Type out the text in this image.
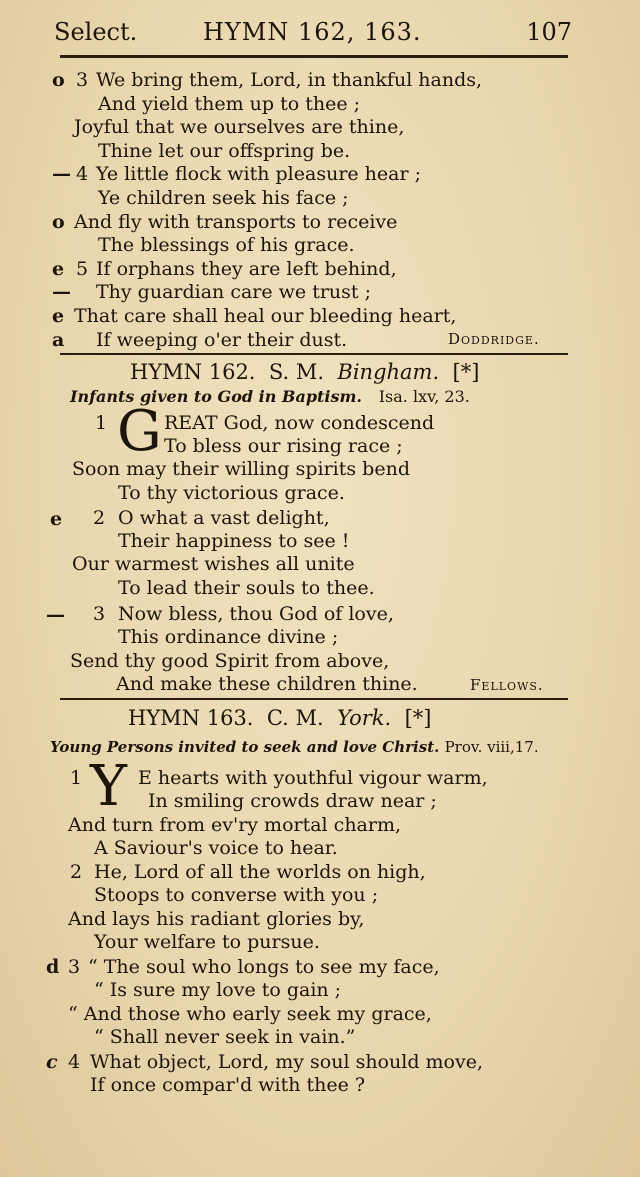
Select.	HYMN 162, 163.	107
o 3 We bring them, Lord, in thankful hands,
And yield them up to thee ;
Joyful that we ourselves are thine,
Thine let our offspring be.
— 4 Ye little flock with pleasure hear ;
Ye children seek his face ;
o And fly with transports to receive
The blessings of his grace.
e 5 If orphans they are left behind,
— Thy guardian care we trust ;
e That care shall heal our bleeding heart,
a If weeping o'er their dust.	Doddridge.
HYMN 162. S. M. Bingham. [*]
Infants given to God in Baptism. Isa. lxv, 23.
1 G REAT God, now condescend
To bless our rising race ;
Soon may their willing spirits bend
To thy victorious grace.
e 2 O what a vast delight,
Their happiness to see !
Our warmest wishes all unite
To lead their souls to thee.
— 3 Now bless, thou God of love,
This ordinance divine ;
Send thy good Spirit from above,
And make these children thine.	Fellows.
HYMN 163. C. M. York. [*]
Young Persons invited to seek and love Christ. Prov. viii,17.
1 Y E hearts with youthful vigour warm,
In smiling crowds draw near ;
And turn from ev'ry mortal charm,
A Saviour's voice to hear.
2 He, Lord of all the worlds on high,
Stoops to converse with you ;
And lays his radiant glories by,
Your welfare to pursue.
d 3 “ The soul who longs to see my face,
“ Is sure my love to gain ;
“ And those who early seek my grace,
“ Shall never seek in vain.”
c 4 What object, Lord, my soul should move,
If once compar'd with thee ?
